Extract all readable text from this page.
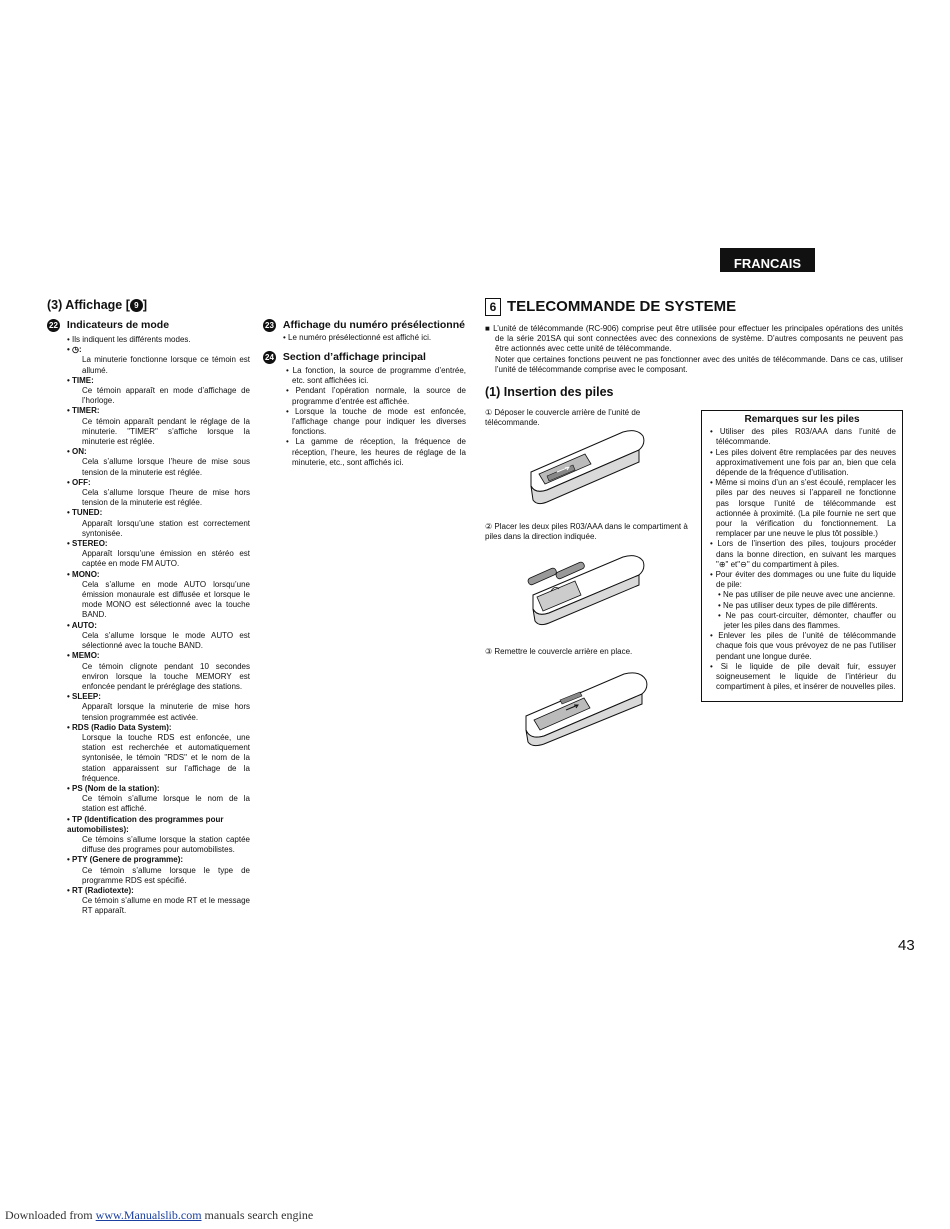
FRANCAIS
(3) Affichage [ 9 ]
22 Indicateurs de mode

• Ils indiquent les différents modes.

• ◷:

La minuterie fonctionne lorsque ce témoin est allumé.

• TIME:

Ce témoin apparaît en mode d’affichage de l’horloge.

• TIMER:

Ce témoin apparaît pendant le réglage de la minuterie. "TIMER" s’affiche lorsque la minuterie est réglée.

• ON:

Cela s’allume lorsque l’heure de mise sous tension de la minuterie est réglée.

• OFF:

Cela s’allume lorsque l’heure de mise hors tension de la minuterie est réglée.

• TUNED:

Apparaît lorsqu’une station est correctement syntonisée.

• STEREO:

Apparaît lorsqu’une émission en stéréo est captée en mode FM AUTO.

• MONO:

Cela s’allume en mode AUTO lorsqu’une émission monaurale est diffusée et lorsque le mode MONO est sélectionné avec la touche BAND.

• AUTO:

Cela s’allume lorsque le mode AUTO est sélectionné avec la touche BAND.

• MEMO:

Ce témoin clignote pendant 10 secondes environ lorsque la touche MEMORY est enfoncée pendant le préréglage des stations.

• SLEEP:

Apparaît lorsque la minuterie de mise hors tension programmée est activée.

• RDS (Radio Data System):

Lorsque la touche RDS est enfoncée, une station est recherchée et automatiquement syntonisée, le témoin "RDS" et le nom de la station apparaissent sur l’affichage de la fréquence.

• PS (Nom de la station):

Ce témoin s’allume lorsque le nom de la station est affiché.

• TP (Identification des programmes pour automobilistes):

Ce témoins s’allume lorsque la station captée diffuse des programes pour automobilistes.

• PTY (Genere de programme):

Ce témoin s’allume lorsque le type de programme RDS est spécifié.

• RT (Radiotexte):

Ce témoin s’allume en mode RT et le message RT apparaît.

23 Affichage du numéro présélectionné

• Le numéro présélectionné est affiché ici.

24 Section d’affichage principal

• La fonction, la source de programme d’entrée, etc. sont affichées ici.

• Pendant l’opération normale, la source de programme d’entrée est affichée.

• Lorsque la touche de mode est enfoncée, l’affichage change pour indiquer les diverses fonctions.

• La gamme de réception, la fréquence de réception, l’heure, les heures de réglage de la minuterie, etc., sont affichés ici.

6 TELECOMMANDE DE SYSTEME

■ L’unité de télécommande (RC-906) comprise peut être utilisée pour effectuer les principales opérations des unités de la série 201SA qui sont connectées avec des connexions de système. D’autres composants ne peuvent pas être actionnés avec cette unité de télécommande.

Noter que certaines fonctions peuvent ne pas fonctionner avec des unités de télécommande. Dans ce cas, utiliser l’unité de télécommande comprise avec le composant.

(1) Insertion des piles
① Déposer le couvercle arrière de l’unité de télécommande.
② Placer les deux piles R03/AAA dans le compartiment à piles dans la direction indiquée.
③ Remettre le couvercle arrière en place.
Remarques sur les piles

• Utiliser des piles R03/AAA dans l’unité de télécommande.

• Les piles doivent être remplacées par des neuves approximativement une fois par an, bien que cela dépende de la fréquence d’utilisation.

• Même si moins d’un an s’est écoulé, remplacer les piles par des neuves si l’appareil ne fonctionne pas lorsque l’unité de télécommande est actionnée à proximité. (La pile fournie ne sert que pour la vérification du fonctionnement. La remplacer par une neuve le plus tôt possible.)

• Lors de l’insertion des piles, toujours procéder dans la bonne direction, en suivant les marques "⊕" et"⊖" du compartiment à piles.

• Pour éviter des dommages ou une fuite du liquide de pile:

• Ne pas utiliser de pile neuve avec une ancienne.

• Ne pas utiliser deux types de pile différents.

• Ne pas court-circuiter, démonter, chauffer ou jeter les piles dans des flammes.

• Enlever les piles de l’unité de télécommande chaque fois que vous prévoyez de ne pas l’utiliser pendant une longue durée.

• Si le liquide de pile devait fuir, essuyer soigneusement le liquide de l’intérieur du compartiment à piles, et insérer de nouvelles piles.

43
Downloaded from www.Manualslib.com manuals search engine
